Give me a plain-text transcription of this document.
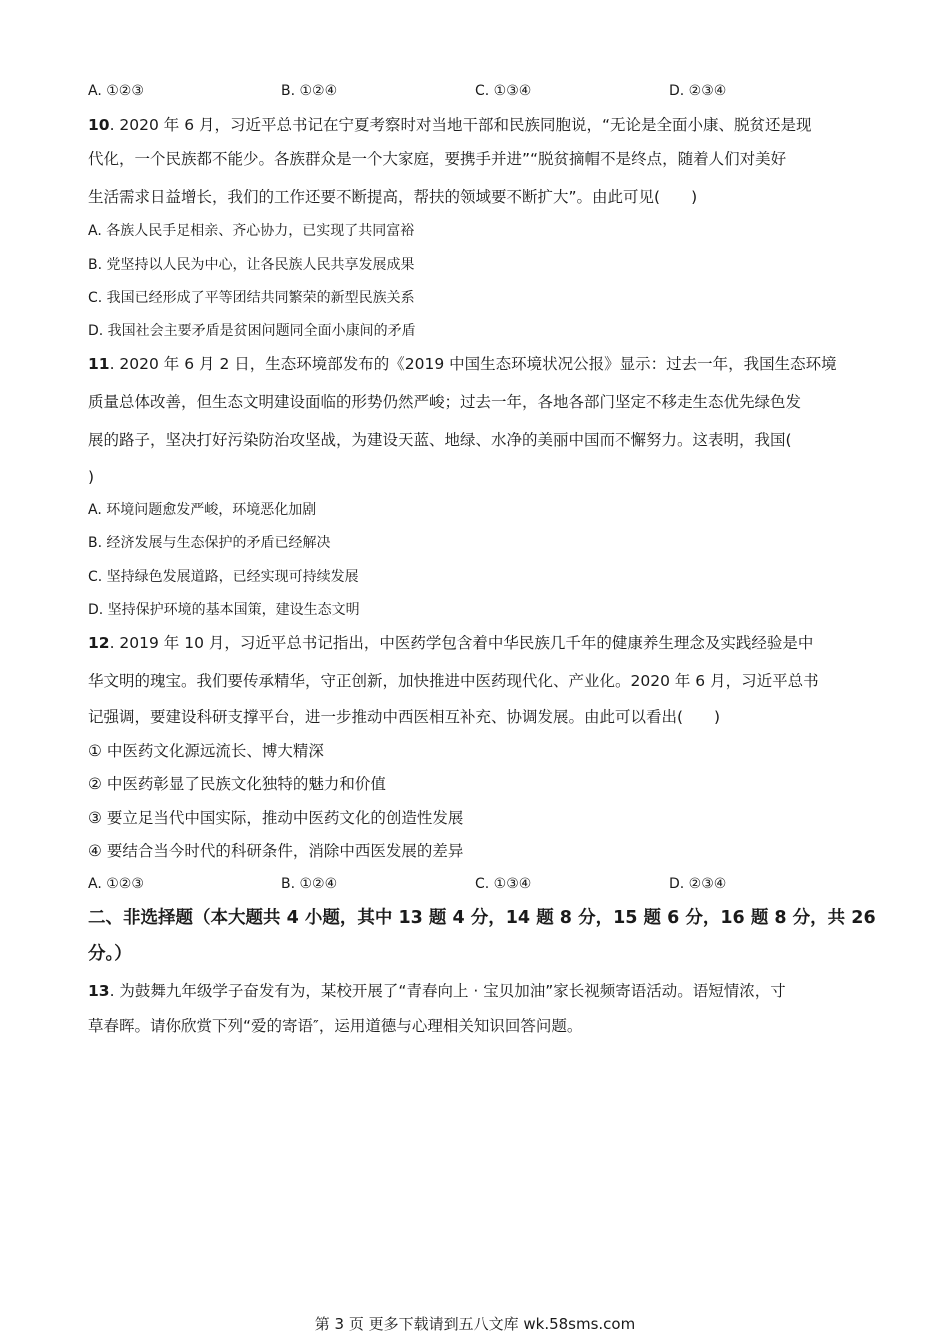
A. ①②③	B. ①②④	C. ①③④	D. ②③④
10. 2020 年 6 月，习近平总书记在宁夏考察时对当地干部和民族同胞说，“无论是全面小康、脱贫还是现
代化，一个民族都不能少。各族群众是一个大家庭，要携手并进”“脱贫摘帽不是终点，随着人们对美好
生活需求日益增长，我们的工作还要不断提高，帮扶的领域要不断扩大”。由此可见(　　)
A. 各族人民手足相亲、齐心协力，已实现了共同富裕
B. 党坚持以人民为中心，让各民族人民共享发展成果
C. 我国已经形成了平等团结共同繁荣的新型民族关系
D. 我国社会主要矛盾是贫困问题同全面小康间的矛盾
11. 2020 年 6 月 2 日，生态环境部发布的《2019 中国生态环境状况公报》显示：过去一年，我国生态环境
质量总体改善，但生态文明建设面临的形势仍然严峻；过去一年，各地各部门坚定不移走生态优先绿色发
展的路子，坚决打好污染防治攻坚战，为建设天蓝、地绿、水净的美丽中国而不懈努力。这表明，我国(
)
A. 环境问题愈发严峻，环境恶化加剧
B. 经济发展与生态保护的矛盾已经解决
C. 坚持绿色发展道路，已经实现可持续发展
D. 坚持保护环境的基本国策，建设生态文明
12. 2019 年 10 月，习近平总书记指出，中医药学包含着中华民族几千年的健康养生理念及实践经验是中
华文明的瑰宝。我们要传承精华，守正创新，加快推进中医药现代化、产业化。2020 年 6 月，习近平总书
记强调，要建设科研支撑平台，进一步推动中西医相互补充、协调发展。由此可以看出(　　)
① 中医药文化源远流长、博大精深
② 中医药彰显了民族文化独特的魅力和价值
③ 要立足当代中国实际，推动中医药文化的创造性发展
④ 要结合当今时代的科研条件，消除中西医发展的差异
A. ①②③	B. ①②④	C. ①③④	D. ②③④
二、非选择题（本大题共 4 小题，其中 13 题 4 分，14 题 8 分，15 题 6 分，16 题 8 分，共 26
分。）
13. 为鼓舞九年级学子奋发有为，某校开展了“青春向上 · 宝贝加油”家长视频寄语活动。语短情浓，寸
草春晖。请你欣赏下列“爱的寄语″，运用道德与心理相关知识回答问题。
第 3 页 更多下载请到五八文库 wk.58sms.com
